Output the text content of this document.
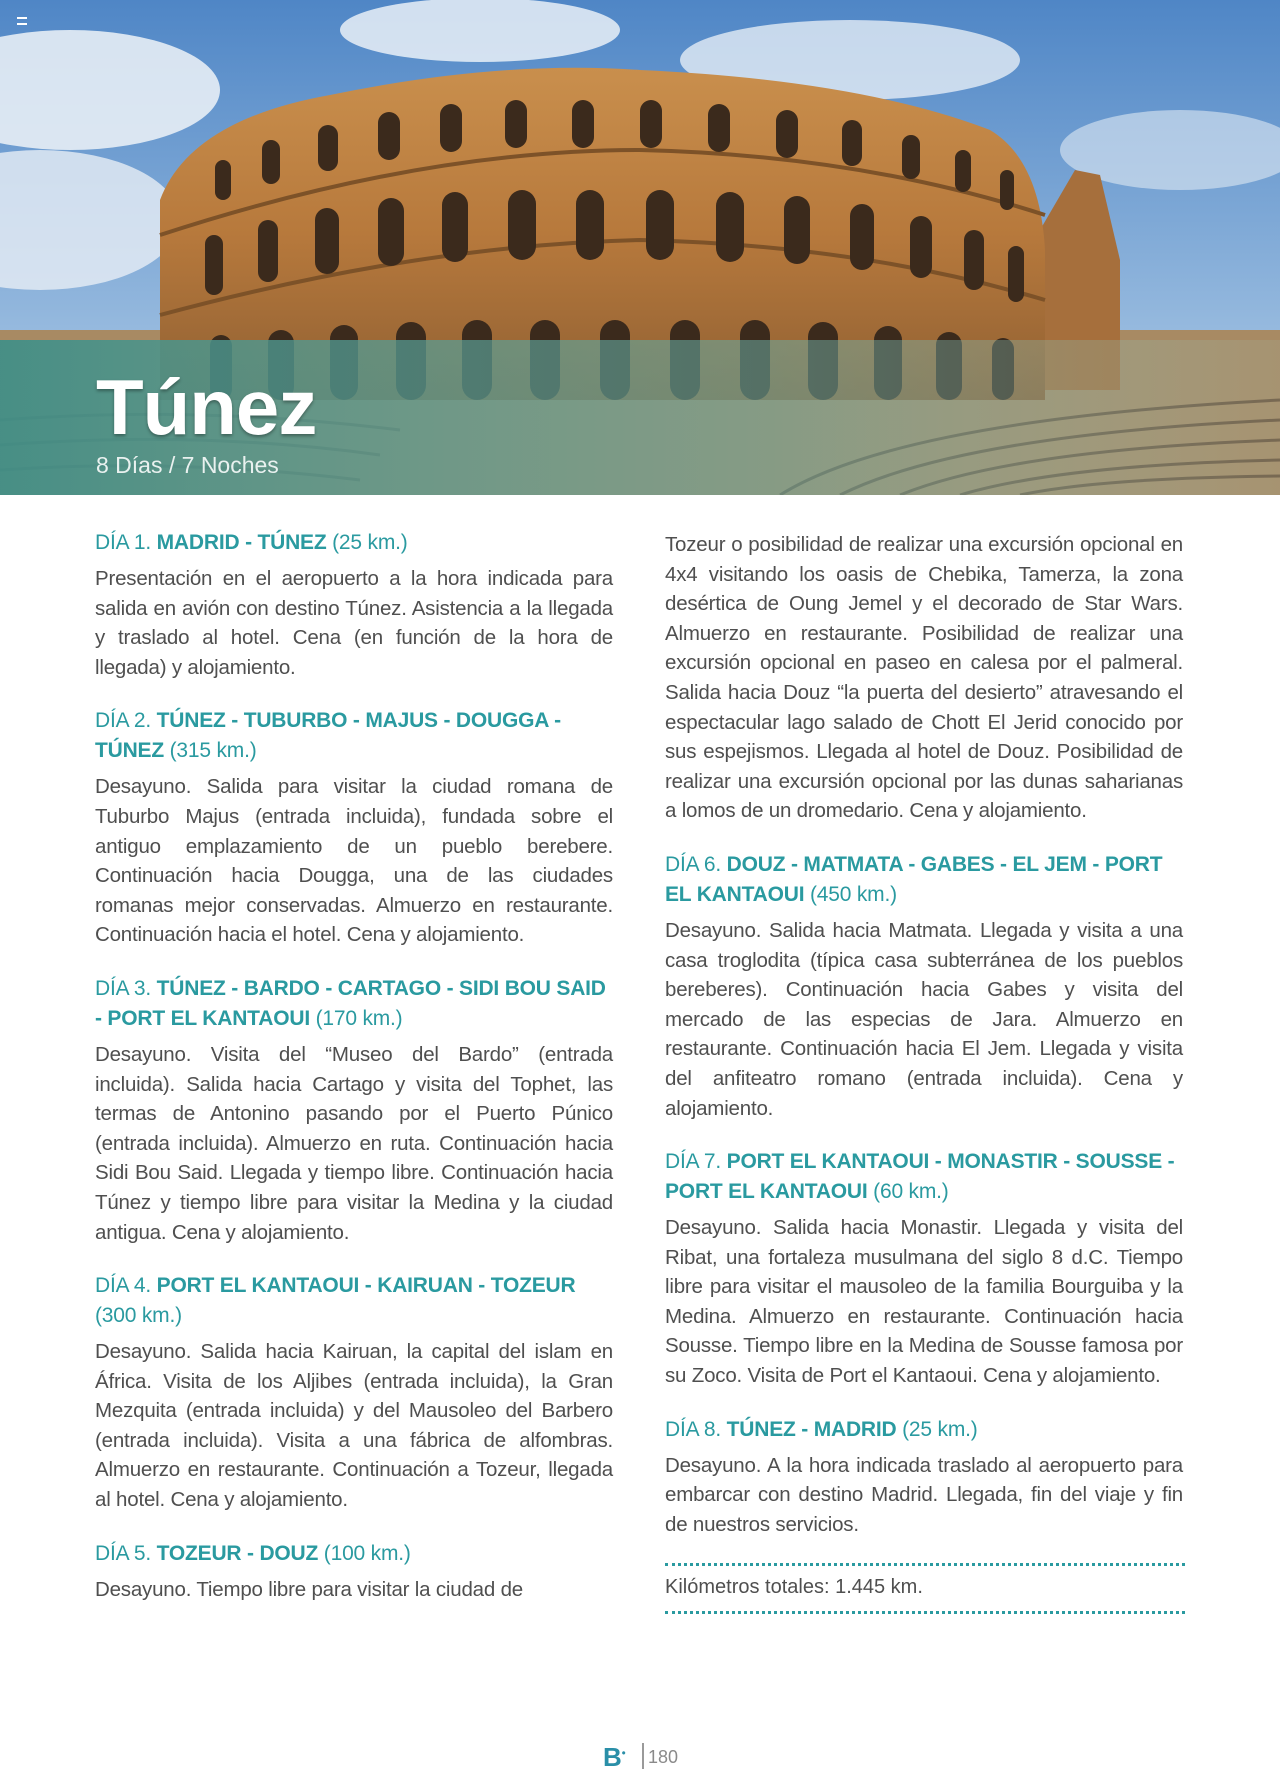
Túnez
8 Días / 7 Noches
DÍA 1. MADRID - TÚNEZ (25 km.)

Presentación en el aeropuerto a la hora indicada para salida en avión con destino Túnez. Asistencia a la llegada y traslado al hotel. Cena (en función de la hora de llegada) y alojamiento.

DÍA 2. TÚNEZ - TUBURBO - MAJUS - DOUGGA - TÚNEZ (315 km.)

Desayuno. Salida para visitar la ciudad romana de Tuburbo Majus (entrada incluida), fundada sobre el antiguo emplazamiento de un pueblo berebere. Continuación hacia Dougga, una de las ciudades romanas mejor conservadas. Almuerzo en restaurante. Continuación hacia el hotel. Cena y alojamiento.

DÍA 3. TÚNEZ - BARDO - CARTAGO - SIDI BOU SAID - PORT EL KANTAOUI (170 km.)

Desayuno. Visita del “Museo del Bardo” (entrada incluida). Salida hacia Cartago y visita del Tophet, las termas de Antonino pasando por el Puerto Púnico (entrada incluida). Almuerzo en ruta. Continuación hacia Sidi Bou Said. Llegada y tiempo libre. Continuación hacia Túnez y tiempo libre para visitar la Medina y la ciudad antigua. Cena y alojamiento.

DÍA 4. PORT EL KANTAOUI - KAIRUAN - TOZEUR (300 km.)

Desayuno. Salida hacia Kairuan, la capital del islam en África. Visita de los Aljibes (entrada incluida), la Gran Mezquita (entrada incluida) y del Mausoleo del Barbero (entrada incluida). Visita a una fábrica de alfombras. Almuerzo en restaurante. Continuación a Tozeur, llegada al hotel. Cena y alojamiento.

DÍA 5. TOZEUR - DOUZ (100 km.)

Desayuno. Tiempo libre para visitar la ciudad de

Tozeur o posibilidad de realizar una excursión opcional en 4x4 visitando los oasis de Chebika, Tamerza, la zona desértica de Oung Jemel y el decorado de Star Wars. Almuerzo en restaurante. Posibilidad de realizar una excursión opcional en paseo en calesa por el palmeral. Salida hacia Douz “la puerta del desierto” atravesando el espectacular lago salado de Chott El Jerid conocido por sus espejismos. Llegada al hotel de Douz. Posibilidad de realizar una excursión opcional por las dunas saharianas a lomos de un dromedario. Cena y alojamiento.

DÍA 6. DOUZ - MATMATA - GABES - EL JEM - PORT EL KANTAOUI (450 km.)

Desayuno. Salida hacia Matmata. Llegada y visita a una casa troglodita (típica casa subterránea de los pueblos bereberes). Continuación hacia Gabes y visita del mercado de las especias de Jara. Almuerzo en restaurante. Continuación hacia El Jem. Llegada y visita del anfiteatro romano (entrada incluida). Cena y alojamiento.

DÍA 7. PORT EL KANTAOUI - MONASTIR - SOUSSE - PORT EL KANTAOUI (60 km.)

Desayuno. Salida hacia Monastir. Llegada y visita del Ribat, una fortaleza musulmana del siglo 8 d.C. Tiempo libre para visitar el mausoleo de la familia Bourguiba y la Medina. Almuerzo en restaurante. Continuación hacia Sousse. Tiempo libre en la Medina de Sousse famosa por su Zoco. Visita de Port el Kantaoui. Cena y alojamiento.

DÍA 8. TÚNEZ - MADRID (25 km.)

Desayuno. A la hora indicada traslado al aeropuerto para embarcar con destino Madrid. Llegada, fin del viaje y fin de nuestros servicios.

Kilómetros totales: 1.445 km.
B• 180
